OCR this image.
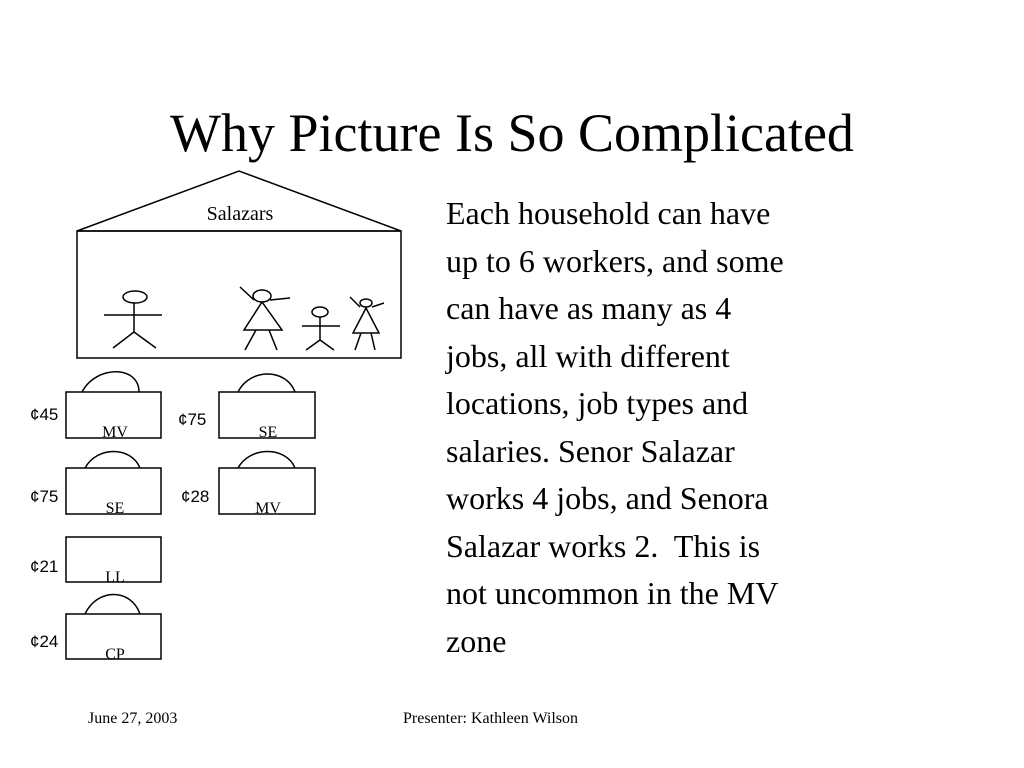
Why Picture Is So Complicated
Salazars
¢45
MV
¢75
SE
¢21
LL
¢24
CP
¢75
SE
¢28
MV
Each household can have
up to 6 workers, and some
can have as many as 4
jobs, all with different
locations, job types and
salaries. Senor Salazar
works 4 jobs, and Senora
Salazar works 2.  This is
not uncommon in the MV
zone
June 27, 2003	Presenter: Kathleen Wilson
